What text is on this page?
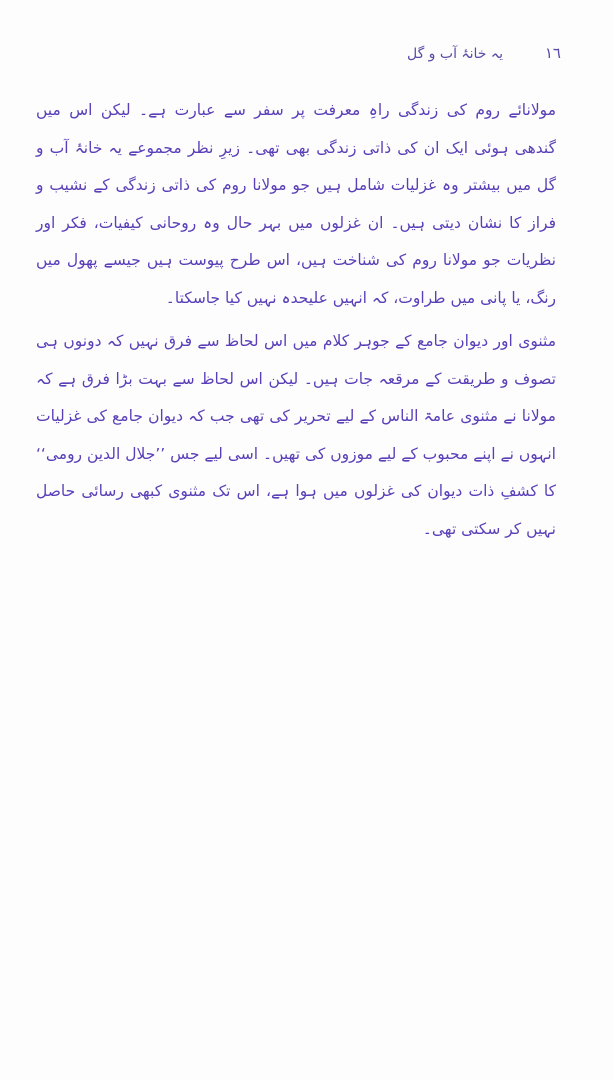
١٦
یہ خانۂ آب و گل

مولانائے روم کی زندگی راہِ معرفت پر سفر سے عبارت ہے۔ لیکن اس میں گندھی ہوئی ایک ان کی ذاتی زندگی بھی تھی۔ زیرِ نظر مجموعے یہ خانۂ آب و گل میں بیشتر وہ غزلیات شامل ہیں جو مولانا روم کی ذاتی زندگی کے نشیب و فراز کا نشان دیتی ہیں۔ ان غزلوں میں بہر حال وہ روحانی کیفیات، فکر اور نظریات جو مولانا روم کی شناخت ہیں، اس طرح پیوست ہیں جیسے پھول میں رنگ، یا پانی میں طراوت، کہ انہیں علیحدہ نہیں کیا جاسکتا۔

مثنوی اور دیوان جامع کے جوہر کلام میں اس لحاظ سے فرق نہیں کہ دونوں ہی تصوف و طریقت کے مرقعہ جات ہیں۔ لیکن اس لحاظ سے بہت بڑا فرق ہے کہ مولانا نے مثنوی عامۃ الناس کے لیے تحریر کی تھی جب کہ دیوان جامع کی غزلیات انہوں نے اپنے محبوب کے لیے موزوں کی تھیں۔ اسی لیے جس ’’جلال الدین رومی‘‘ کا کشفِ ذات دیوان کی غزلوں میں ہوا ہے، اس تک مثنوی کبھی رسائی حاصل نہیں کر سکتی تھی۔
